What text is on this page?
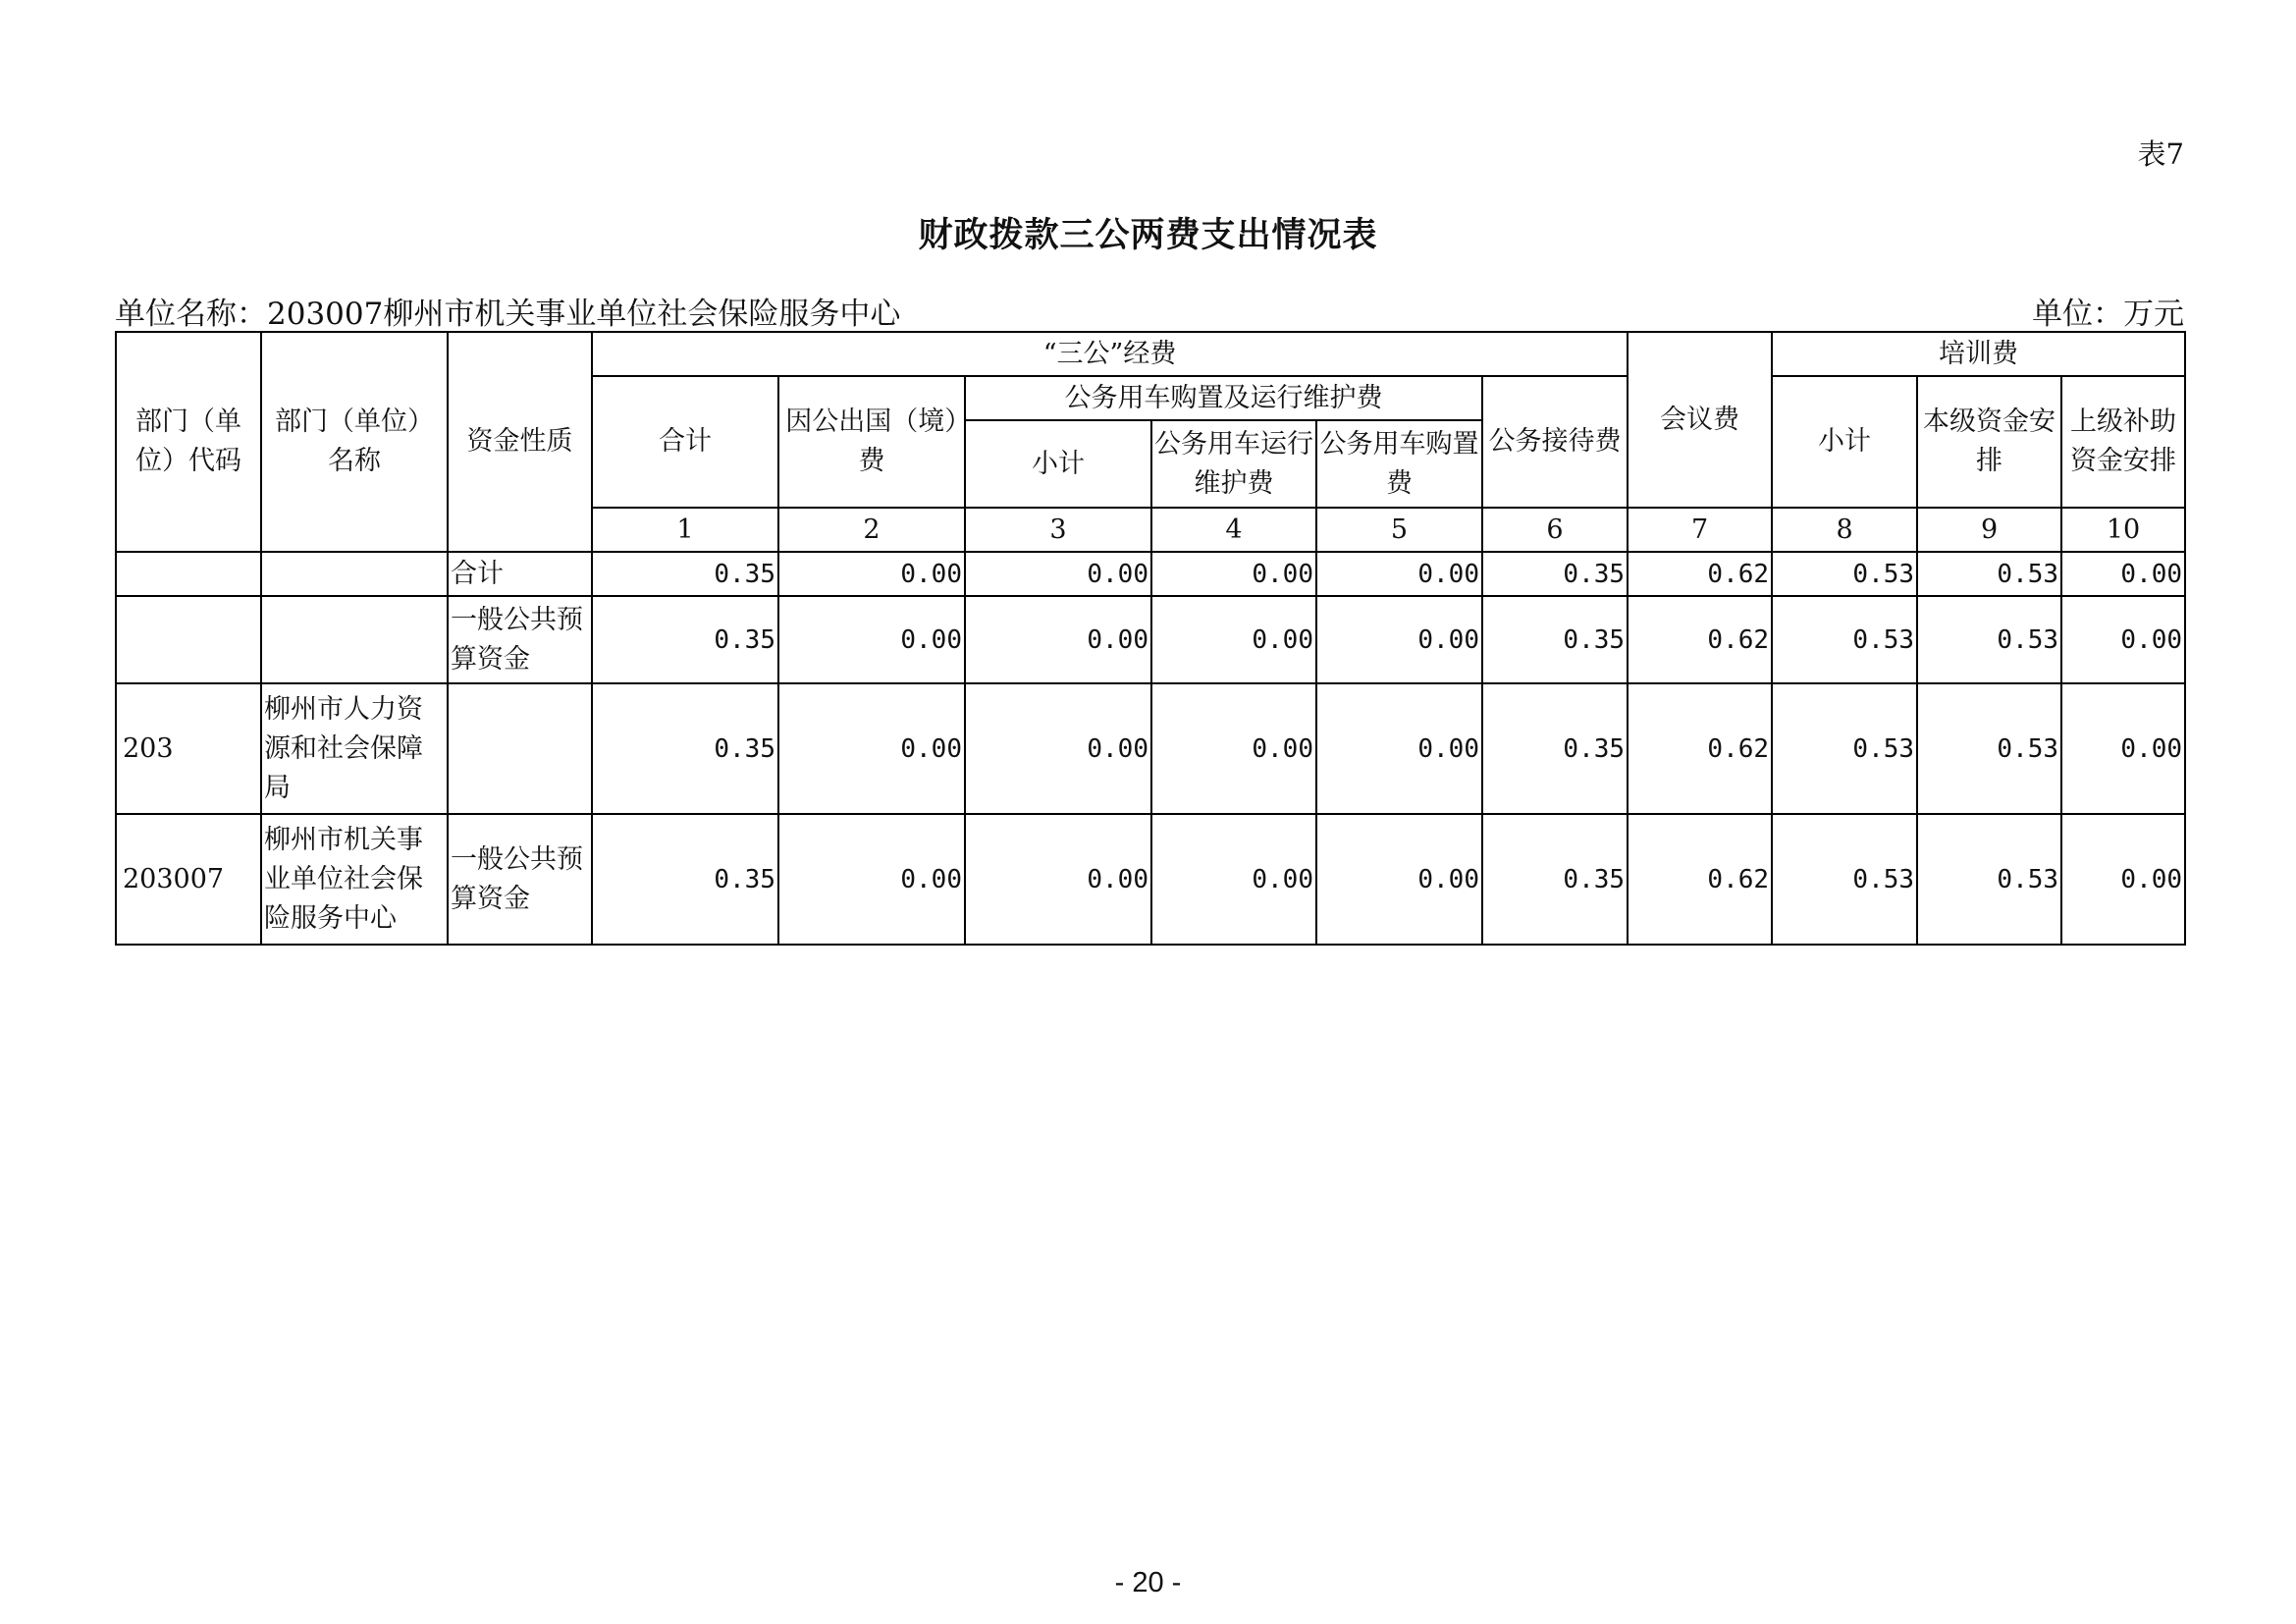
表7
财政拨款三公两费支出情况表
单位名称：203007柳州市机关事业单位社会保险服务中心	单位：万元
部门（单位）代码	部门（单位）名称	资金性质	“三公”经费						会议费	培训费		
			合计	因公出国（境）费	公务用车购置及运行维护费			公务接待费		小计	本级资金安排	上级补助资金安排
					小计	公务用车运行维护费	公务用车购置费					
			1	2	3	4	5	6	7	8	9	10
		合计	0.35	0.00	0.00	0.00	0.00	0.35	0.62	0.53	0.53	0.00
		一般公共预算资金	0.35	0.00	0.00	0.00	0.00	0.35	0.62	0.53	0.53	0.00
203	柳州市人力资源和社会保障局		0.35	0.00	0.00	0.00	0.00	0.35	0.62	0.53	0.53	0.00
203007	柳州市机关事业单位社会保险服务中心	一般公共预算资金	0.35	0.00	0.00	0.00	0.00	0.35	0.62	0.53	0.53	0.00
- 20 -
